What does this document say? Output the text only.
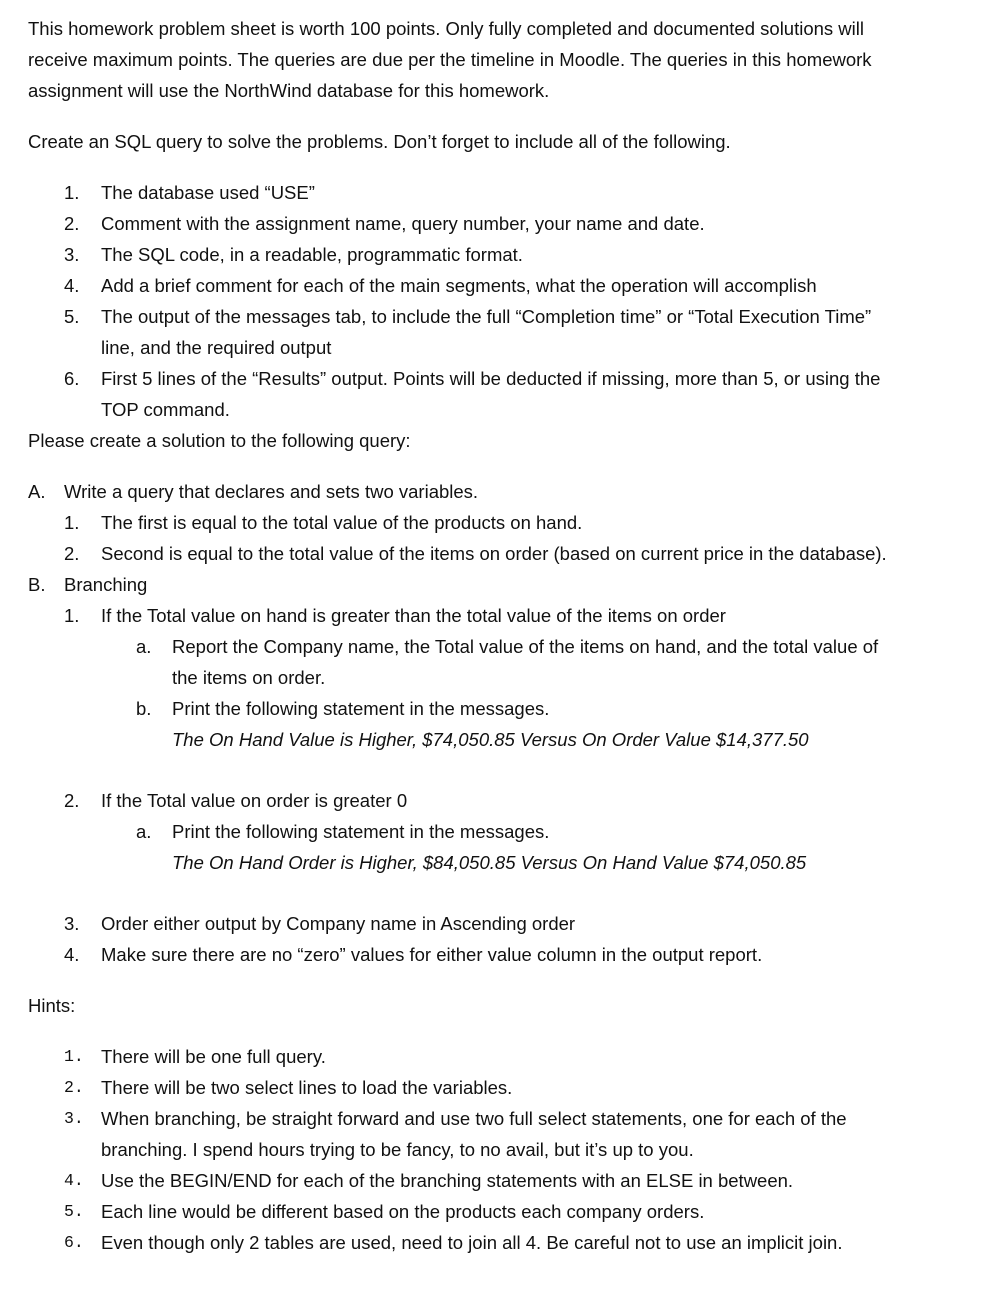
This homework problem sheet is worth 100 points. Only fully completed and documented solutions will
receive maximum points. The queries are due per the timeline in Moodle. The queries in this homework
assignment will use the NorthWind database for this homework.
Create an SQL query to solve the problems. Don’t forget to include all of the following.
1. The database used “USE”
2. Comment with the assignment name, query number, your name and date.
3. The SQL code, in a readable, programmatic format.
4. Add a brief comment for each of the main segments, what the operation will accomplish
5. The output of the messages tab, to include the full “Completion time” or “Total Execution Time”
line, and the required output
6. First 5 lines of the “Results” output. Points will be deducted if missing, more than 5, or using the
TOP command.
Please create a solution to the following query:
A. Write a query that declares and sets two variables.
1. The first is equal to the total value of the products on hand.
2. Second is equal to the total value of the items on order (based on current price in the database).
B. Branching
1. If the Total value on hand is greater than the total value of the items on order
a. Report the Company name, the Total value of the items on hand, and the total value of
the items on order.
b. Print the following statement in the messages.
The On Hand Value is Higher, $74,050.85 Versus On Order Value $14,377.50
2. If the Total value on order is greater 0
a. Print the following statement in the messages.
The On Hand Order is Higher, $84,050.85 Versus On Hand Value $74,050.85
3. Order either output by Company name in Ascending order
4. Make sure there are no “zero” values for either value column in the output report.
Hints:
1. There will be one full query.
2. There will be two select lines to load the variables.
3. When branching, be straight forward and use two full select statements, one for each of the
branching. I spend hours trying to be fancy, to no avail, but it’s up to you.
4. Use the BEGIN/END for each of the branching statements with an ELSE in between.
5. Each line would be different based on the products each company orders.
6. Even though only 2 tables are used, need to join all 4. Be careful not to use an implicit join.
